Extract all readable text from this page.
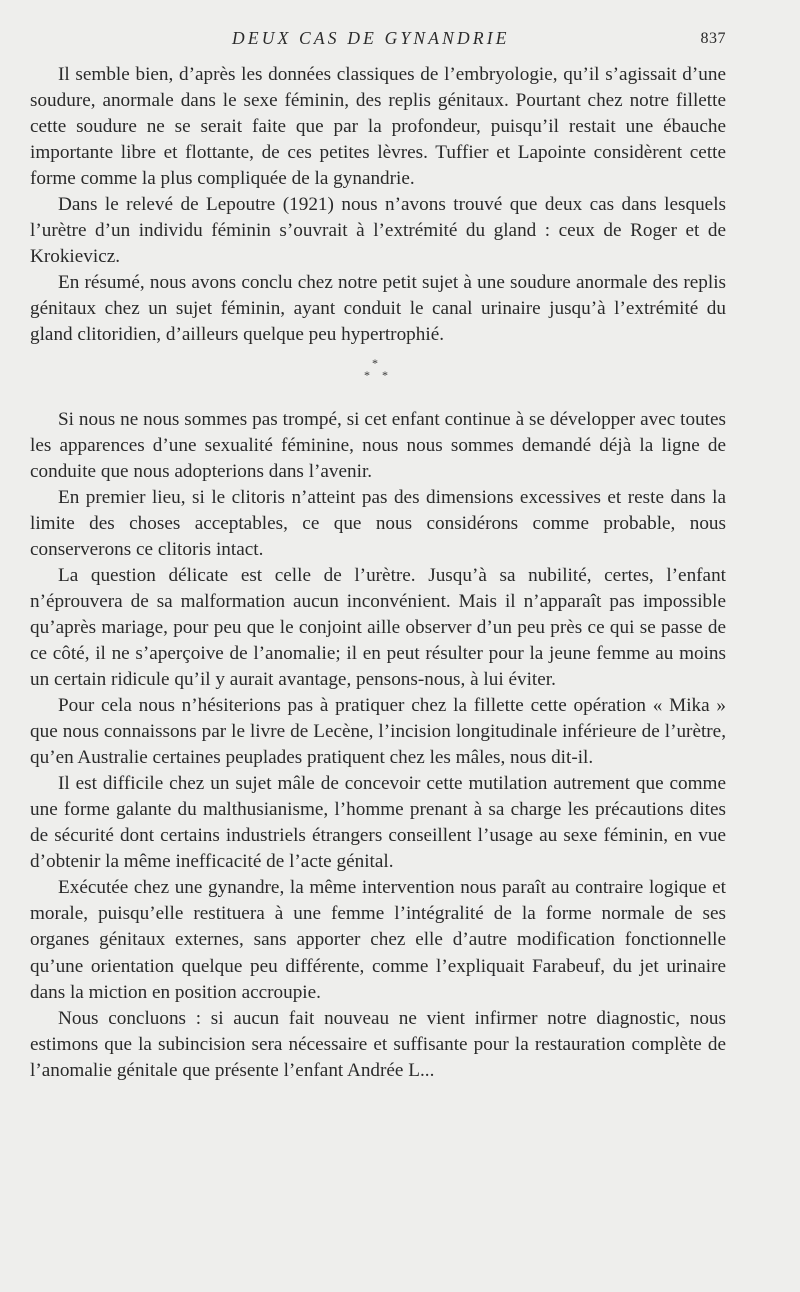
DEUX CAS DE GYNANDRIE	837

Il semble bien, d’après les données classiques de l’embryologie, qu’il s’agissait d’une soudure, anormale dans le sexe féminin, des replis génitaux. Pourtant chez notre fillette cette soudure ne se serait faite que par la profondeur, puisqu’il restait une ébauche importante libre et flottante, de ces petites lèvres. Tuffier et Lapointe considèrent cette forme comme la plus compliquée de la gynandrie.

Dans le relevé de Lepoutre (1921) nous n’avons trouvé que deux cas dans lesquels l’urètre d’un individu féminin s’ouvrait à l’extrémité du gland : ceux de Roger et de Krokievicz.

En résumé, nous avons conclu chez notre petit sujet à une soudure anormale des replis génitaux chez un sujet féminin, ayant conduit le canal urinaire jusqu’à l’extrémité du gland clitoridien, d’ailleurs quelque peu hypertrophié.

*
* *

Si nous ne nous sommes pas trompé, si cet enfant continue à se développer avec toutes les apparences d’une sexualité féminine, nous nous sommes demandé déjà la ligne de conduite que nous adopterions dans l’avenir.

En premier lieu, si le clitoris n’atteint pas des dimensions excessives et reste dans la limite des choses acceptables, ce que nous considérons comme probable, nous conserverons ce clitoris intact.

La question délicate est celle de l’urètre. Jusqu’à sa nubilité, certes, l’enfant n’éprouvera de sa malformation aucun inconvénient. Mais il n’apparaît pas impossible qu’après mariage, pour peu que le conjoint aille observer d’un peu près ce qui se passe de ce côté, il ne s’aperçoive de l’anomalie; il en peut résulter pour la jeune femme au moins un certain ridicule qu’il y aurait avantage, pensons-nous, à lui éviter.

Pour cela nous n’hésiterions pas à pratiquer chez la fillette cette opération « Mika » que nous connaissons par le livre de Lecène, l’incision longitudinale inférieure de l’urètre, qu’en Australie certaines peuplades pratiquent chez les mâles, nous dit-il.

Il est difficile chez un sujet mâle de concevoir cette mutilation autrement que comme une forme galante du malthusianisme, l’homme prenant à sa charge les précautions dites de sécurité dont certains industriels étrangers conseillent l’usage au sexe féminin, en vue d’obtenir la même inefficacité de l’acte génital.

Exécutée chez une gynandre, la même intervention nous paraît au contraire logique et morale, puisqu’elle restituera à une femme l’intégralité de la forme normale de ses organes génitaux externes, sans apporter chez elle d’autre modification fonctionnelle qu’une orientation quelque peu différente, comme l’expliquait Farabeuf, du jet urinaire dans la miction en position accroupie.

Nous concluons : si aucun fait nouveau ne vient infirmer notre diagnostic, nous estimons que la subincision sera nécessaire et suffisante pour la restauration complète de l’anomalie génitale que présente l’enfant Andrée L...
